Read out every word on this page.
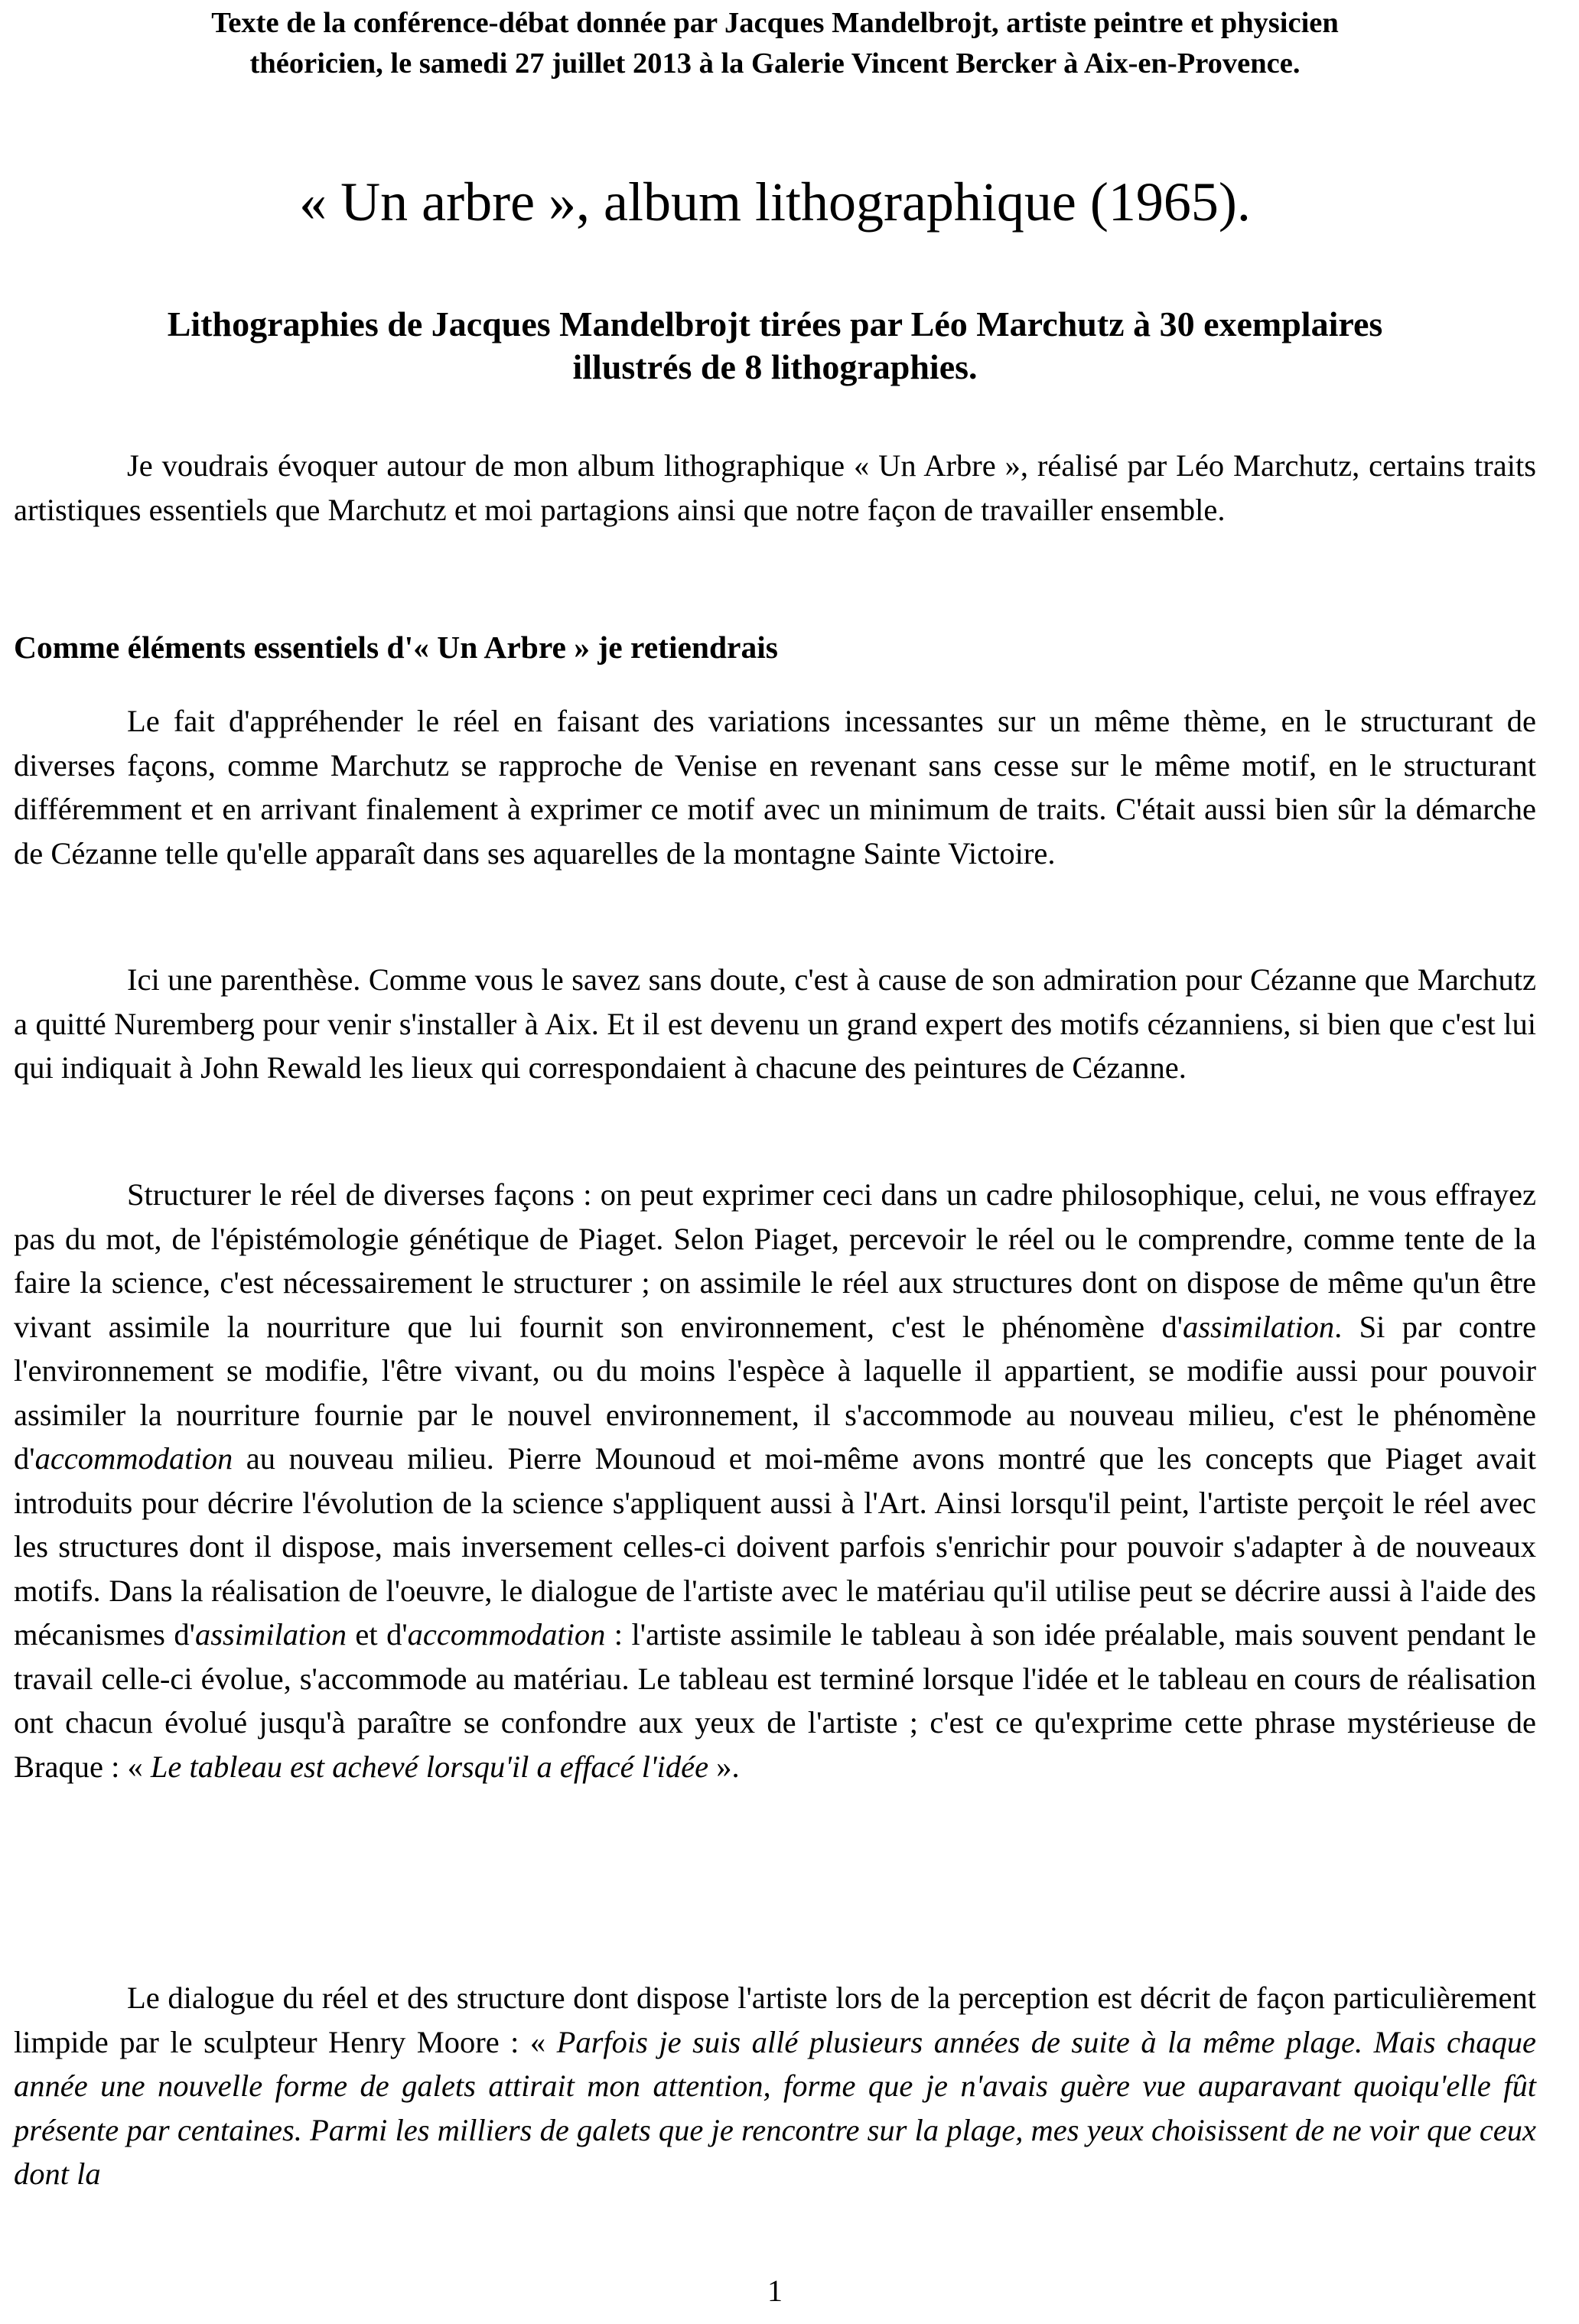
Texte de la conférence-débat donnée par Jacques Mandelbrojt, artiste peintre et physicien
théoricien, le samedi 27 juillet 2013 à la Galerie Vincent Bercker à Aix-en-Provence.
« Un arbre », album lithographique (1965).
Lithographies de Jacques Mandelbrojt tirées par Léo Marchutz à 30 exemplaires
illustrés de 8 lithographies.

Je voudrais évoquer autour de mon album lithographique « Un Arbre », réalisé par Léo Marchutz, certains traits artistiques essentiels que Marchutz et moi partagions ainsi que notre façon de travailler ensemble.

Comme éléments essentiels d'« Un Arbre » je retiendrais

Le fait d'appréhender le réel en faisant des variations incessantes sur un même thème, en le structurant de diverses façons, comme Marchutz se rapproche de Venise en revenant sans cesse sur le même motif, en le structurant différemment et en arrivant finalement à exprimer ce motif avec un minimum de traits. C'était aussi bien sûr la démarche de Cézanne telle qu'elle apparaît dans ses aquarelles de la montagne Sainte Victoire.

Ici une parenthèse. Comme vous le savez sans doute, c'est à cause de son admiration pour Cézanne que Marchutz a quitté Nuremberg pour venir s'installer à Aix. Et il est devenu un grand expert des motifs cézanniens, si bien que c'est lui qui indiquait à John Rewald les lieux qui correspondaient à chacune des peintures de Cézanne.

Structurer le réel de diverses façons : on peut exprimer ceci dans un cadre philosophique, celui, ne vous effrayez pas du mot, de l'épistémologie génétique de Piaget. Selon Piaget, percevoir le réel ou le comprendre, comme tente de la faire la science, c'est nécessairement le structurer ; on assimile le réel aux structures dont on dispose de même qu'un être vivant assimile la nourriture que lui fournit son environnement, c'est le phénomène d'assimilation. Si par contre l'environnement se modifie, l'être vivant, ou du moins l'espèce à laquelle il appartient, se modifie aussi pour pouvoir assimiler la nourriture fournie par le nouvel environnement, il s'accommode au nouveau milieu, c'est le phénomène d'accommodation au nouveau milieu. Pierre Mounoud et moi-même avons montré que les concepts que Piaget avait introduits pour décrire l'évolution de la science s'appliquent aussi à l'Art. Ainsi lorsqu'il peint, l'artiste perçoit le réel avec les structures dont il dispose, mais inversement celles-ci doivent parfois s'enrichir pour pouvoir s'adapter à de nouveaux motifs. Dans la réalisation de l'oeuvre, le dialogue de l'artiste avec le matériau qu'il utilise peut se décrire aussi à l'aide des mécanismes d'assimilation et d'accommodation : l'artiste assimile le tableau à son idée préalable, mais souvent pendant le travail celle-ci évolue, s'accommode au matériau. Le tableau est terminé lorsque l'idée et le tableau en cours de réalisation ont chacun évolué jusqu'à paraître se confondre aux yeux de l'artiste ; c'est ce qu'exprime cette phrase mystérieuse de Braque : « Le tableau est achevé lorsqu'il a effacé l'idée ».

Le dialogue du réel et des structure dont dispose l'artiste lors de la perception est décrit de façon particulièrement limpide par le sculpteur Henry Moore : « Parfois je suis allé plusieurs années de suite à la même plage. Mais chaque année une nouvelle forme de galets attirait mon attention, forme que je n'avais guère vue auparavant quoiqu'elle fût présente par centaines. Parmi les milliers de galets que je rencontre sur la plage, mes yeux choisissent de ne voir que ceux dont la

1
